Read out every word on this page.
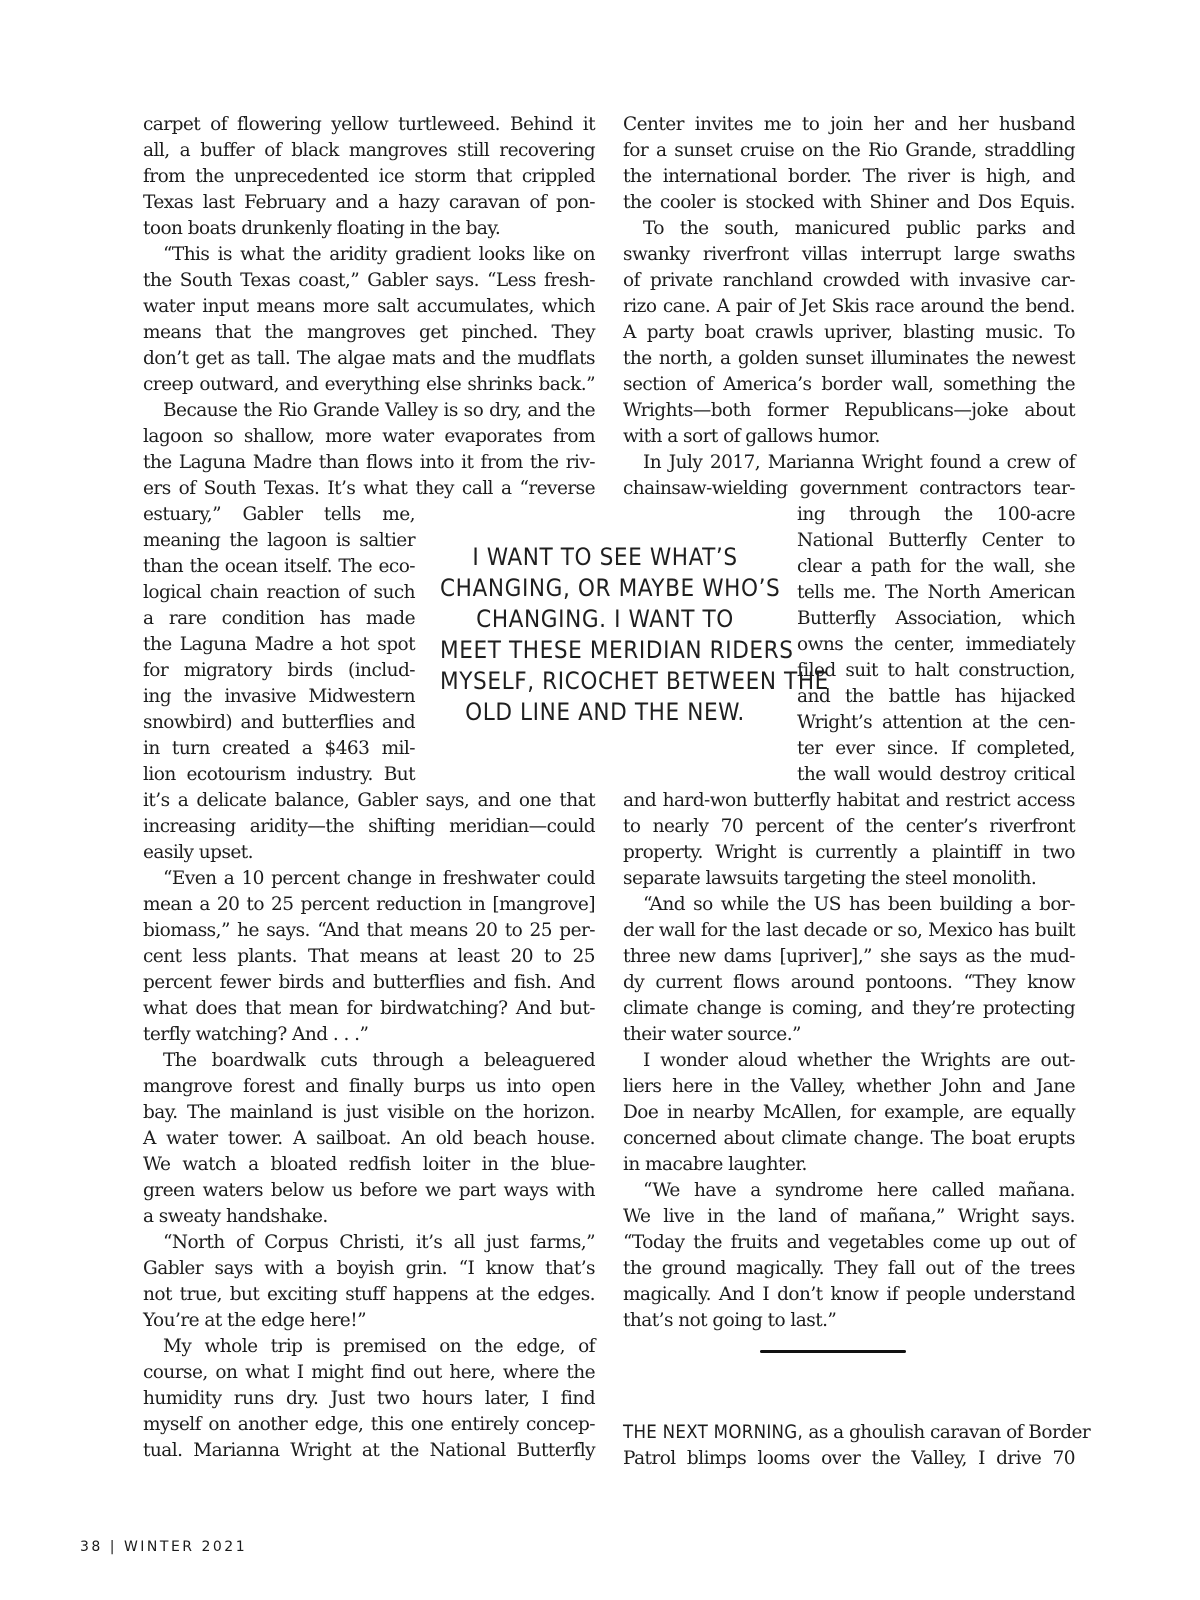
carpet of flowering yellow turtleweed. Behind it
all, a buffer of black mangroves still recovering
from the unprecedented ice storm that crippled
Texas last February and a hazy caravan of pon-
toon boats drunkenly floating in the bay.
“This is what the aridity gradient looks like on
the South Texas coast,” Gabler says. “Less fresh-
water input means more salt accumulates, which
means that the mangroves get pinched. They
don’t get as tall. The algae mats and the mudflats
creep outward, and everything else shrinks back.”
Because the Rio Grande Valley is so dry, and the
lagoon so shallow, more water evaporates from
the Laguna Madre than flows into it from the riv-
ers of South Texas. It’s what they call a “reverse
estuary,” Gabler tells me,
meaning the lagoon is saltier
than the ocean itself. The eco-
logical chain reaction of such
a rare condition has made
the Laguna Madre a hot spot
for migratory birds (includ-
ing the invasive Midwestern
snowbird) and butterflies and
in turn created a $463 mil-
lion ecotourism industry. But
it’s a delicate balance, Gabler says, and one that
increasing aridity—the shifting meridian—could
easily upset.
“Even a 10 percent change in freshwater could
mean a 20 to 25 percent reduction in [mangrove]
biomass,” he says. “And that means 20 to 25 per-
cent less plants. That means at least 20 to 25
percent fewer birds and butterflies and fish. And
what does that mean for birdwatching? And but-
terfly watching? And . . .”
The boardwalk cuts through a beleaguered
mangrove forest and finally burps us into open
bay. The mainland is just visible on the horizon.
A water tower. A sailboat. An old beach house.
We watch a bloated redfish loiter in the blue-
green waters below us before we part ways with
a sweaty handshake.
“North of Corpus Christi, it’s all just farms,”
Gabler says with a boyish grin. “I know that’s
not true, but exciting stuff happens at the edges.
You’re at the edge here!”
My whole trip is premised on the edge, of
course, on what I might find out here, where the
humidity runs dry. Just two hours later, I find
myself on another edge, this one entirely concep-
tual. Marianna Wright at the National Butterfly
Center invites me to join her and her husband
for a sunset cruise on the Rio Grande, straddling
the international border. The river is high, and
the cooler is stocked with Shiner and Dos Equis.
To the south, manicured public parks and
swanky riverfront villas interrupt large swaths
of private ranchland crowded with invasive car-
rizo cane. A pair of Jet Skis race around the bend.
A party boat crawls upriver, blasting music. To
the north, a golden sunset illuminates the newest
section of America’s border wall, something the
Wrights—both former Republicans—joke about
with a sort of gallows humor.
In July 2017, Marianna Wright found a crew of
chainsaw-wielding government contractors tear-
ing through the 100-acre
National Butterfly Center to
clear a path for the wall, she
tells me. The North American
Butterfly Association, which
owns the center, immediately
filed suit to halt construction,
and the battle has hijacked
Wright’s attention at the cen-
ter ever since. If completed,
the wall would destroy critical
and hard-won butterfly habitat and restrict access
to nearly 70 percent of the center’s riverfront
property. Wright is currently a plaintiff in two
separate lawsuits targeting the steel monolith.
“And so while the US has been building a bor-
der wall for the last decade or so, Mexico has built
three new dams [upriver],” she says as the mud-
dy current flows around pontoons. “They know
climate change is coming, and they’re protecting
their water source.”
I wonder aloud whether the Wrights are out-
liers here in the Valley, whether John and Jane
Doe in nearby McAllen, for example, are equally
concerned about climate change. The boat erupts
in macabre laughter.
“We have a syndrome here called mañana.
We live in the land of mañana,” Wright says.
“Today the fruits and vegetables come up out of
the ground magically. They fall out of the trees
magically. And I don’t know if people understand
that’s not going to last.”
I WANT TO SEE WHAT’S
CHANGING, OR MAYBE WHO’S
CHANGING. I WANT TO
MEET THESE MERIDIAN RIDERS
MYSELF, RICOCHET BETWEEN THE
OLD LINE AND THE NEW.
THE NEXT MORNING, as a ghoulish caravan of Border
Patrol blimps looms over the Valley, I drive 70
38 | WINTER 2021
